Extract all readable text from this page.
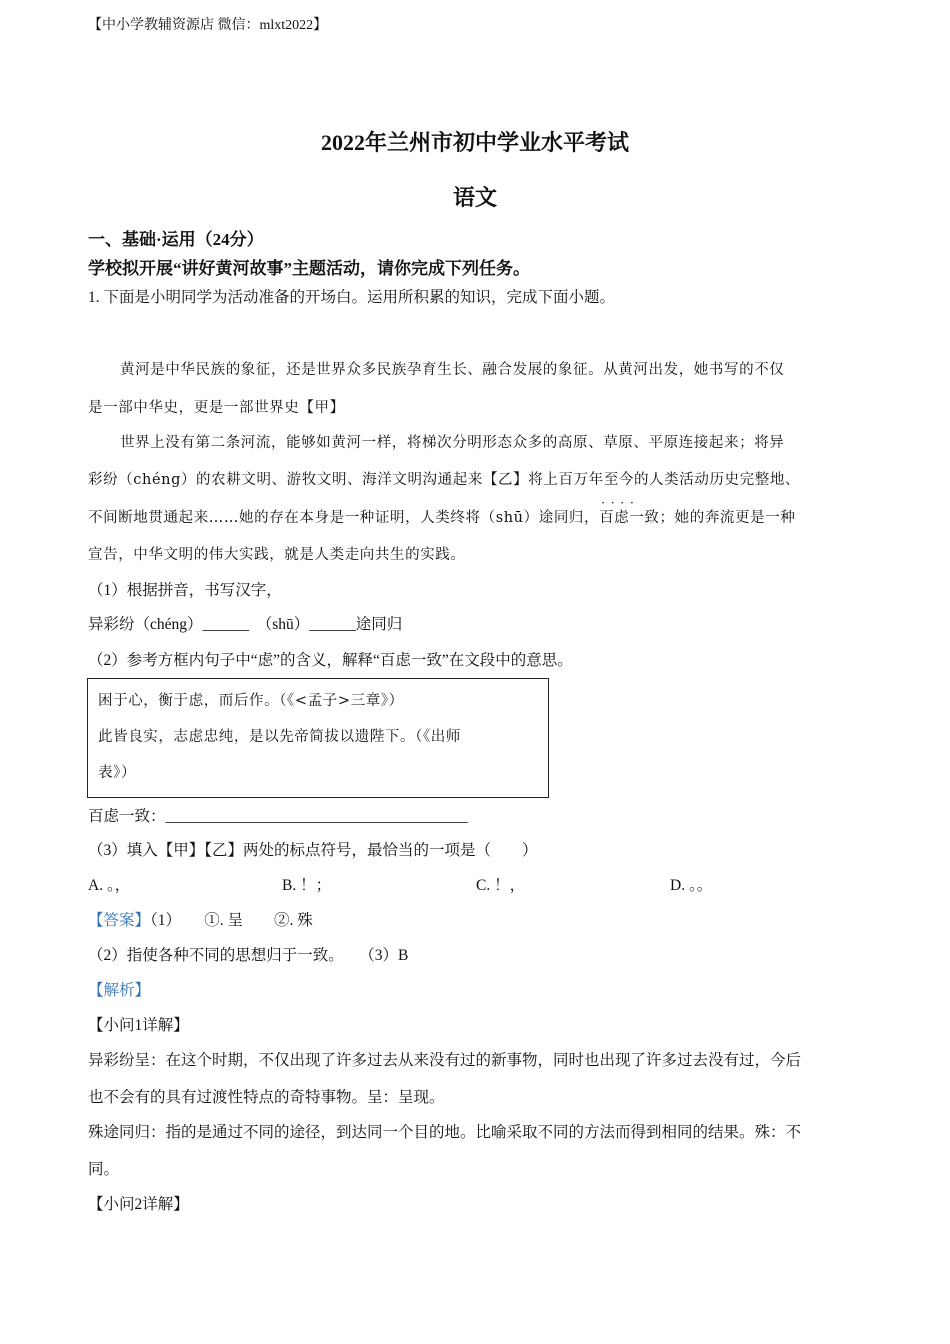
【中小学教辅资源店 微信：mlxt2022】
2022年兰州市初中学业水平考试
语文
一、基础·运用（24分）
学校拟开展“讲好黄河故事”主题活动，请你完成下列任务。
1. 下面是小明同学为活动准备的开场白。运用所积累的知识，完成下面小题。
黄河是中华民族的象征，还是世界众多民族孕育生长、融合发展的象征。从黄河出发，她书写的不仅
是一部中华史，更是一部世界史【甲】
世界上没有第二条河流，能够如黄河一样，将梯次分明形态众多的高原、草原、平原连接起来；将异
彩纷（chéng）的农耕文明、游牧文明、海洋文明沟通起来【乙】将上百万年至今的人类活动历史完整地、
不间断地贯通起来……她的存在本身是一种证明，人类终将（shū）途同归，· · · · 百虑一致；她的奔流更是一种
宣告，中华文明的伟大实践，就是人类走向共生的实践。
（1）根据拼音，书写汉字，
异彩纷（chéng）______　（shū）______途同归
（2）参考方框内句子中“虑”的含义，解释“百虑一致”在文段中的意思。
困于心，衡于虑，而后作。（《<孟子>三章》）
此皆良实，志虑忠纯，是以先帝简拔以遗陛下。（《出师
表》）
百虑一致：_______________________________________
（3）填入【甲】【乙】两处的标点符号，最恰当的一项是（　　）
A. 。，	B. ！；	C. ！，	D. 。。
【答案】（1）　　①. 呈　　②. 殊
（2）指使各种不同的思想归于一致。　　（3）B
【解析】
【小问1详解】
异彩纷呈：在这个时期，不仅出现了许多过去从来没有过的新事物，同时也出现了许多过去没有过，今后
也不会有的具有过渡性特点的奇特事物。呈：呈现。
殊途同归：指的是通过不同的途径，到达同一个目的地。比喻采取不同的方法而得到相同的结果。殊：不
同。
【小问2详解】
